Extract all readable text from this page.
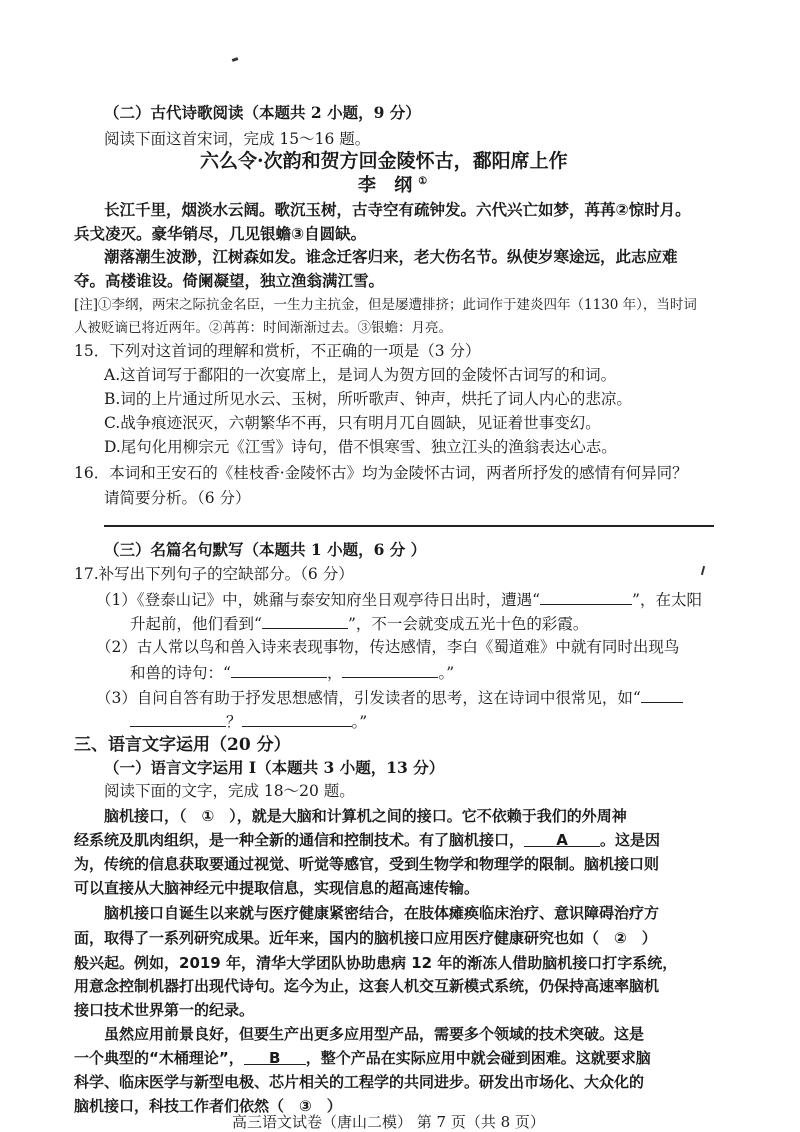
（二）古代诗歌阅读（本题共 2 小题，9 分）
阅读下面这首宋词，完成 15～16 题。
六么令·次韵和贺方回金陵怀古，鄱阳席上作
李 纲①
长江千里，烟淡水云阔。歌沉玉树，古寺空有疏钟发。六代兴亡如梦，苒苒②惊时月。
兵戈凌灭。豪华销尽，几见银蟾③自圆缺。
潮落潮生波渺，江树森如发。谁念迁客归来，老大伤名节。纵使岁寒途远，此志应难
夺。高楼谁设。倚阑凝望，独立渔翁满江雪。
[注]①李纲，两宋之际抗金名臣，一生力主抗金，但是屡遭排挤；此词作于建炎四年（1130 年），当时词
人被贬谪已将近两年。②苒苒：时间渐渐过去。③银蟾：月亮。
15．下列对这首词的理解和赏析，不正确的一项是（3 分）
A.这首词写于鄱阳的一次宴席上，是词人为贺方回的金陵怀古词写的和词。
B.词的上片通过所见水云、玉树，所听歌声、钟声，烘托了词人内心的悲凉。
C.战争痕迹泯灭，六朝繁华不再，只有明月兀自圆缺，见证着世事变幻。
D.尾句化用柳宗元《江雪》诗句，借不惧寒雪、独立江头的渔翁表达心志。
16．本词和王安石的《桂枝香·金陵怀古》均为金陵怀古词，两者所抒发的感情有何异同？
请简要分析。（6 分）
（三）名篇名句默写（本题共 1 小题，6 分 ）
17.补写出下列句子的空缺部分。（6 分）
（1）《登泰山记》中，姚鼐与泰安知府坐日观亭待日出时，遭遇“	”，在太阳
升起前，他们看到“	”，不一会就变成五光十色的彩霞。
（2）古人常以鸟和兽入诗来表现事物，传达感情，李白《蜀道难》中就有同时出现鸟
和兽的诗句：“	，	。”
（3）自问自答有助于抒发思想感情，引发读者的思考，这在诗词中很常见，如“
？	。”
三、语言文字运用（20 分）
（一）语言文字运用 Ⅰ（本题共 3 小题，13 分）
阅读下面的文字，完成 18～20 题。
脑机接口，（　①　），就是大脑和计算机之间的接口。它不依赖于我们的外周神
经系统及肌肉组织，是一种全新的通信和控制技术。有了脑机接口， A 。这是因
为，传统的信息获取要通过视觉、听觉等感官，受到生物学和物理学的限制。脑机接口则
可以直接从大脑神经元中提取信息，实现信息的超高速传输。
脑机接口自诞生以来就与医疗健康紧密结合，在肢体瘫痪临床治疗、意识障碍治疗方
面，取得了一系列研究成果。近年来，国内的脑机接口应用医疗健康研究也如（　②　）
般兴起。例如，2019 年，清华大学团队协助患病 12 年的渐冻人借助脑机接口打字系统，
用意念控制机器打出现代诗句。迄今为止，这套人机交互新模式系统，仍保持高速率脑机
接口技术世界第一的纪录。
虽然应用前景良好，但要生产出更多应用型产品，需要多个领域的技术突破。这是
一个典型的“木桶理论”， B ，整个产品在实际应用中就会碰到困难。这就要求脑
科学、临床医学与新型电极、芯片相关的工程学的共同进步。研发出市场化、大众化的
脑机接口，科技工作者们依然（　③　）
高三语文试卷（唐山二模） 第 7 页（共 8 页）
